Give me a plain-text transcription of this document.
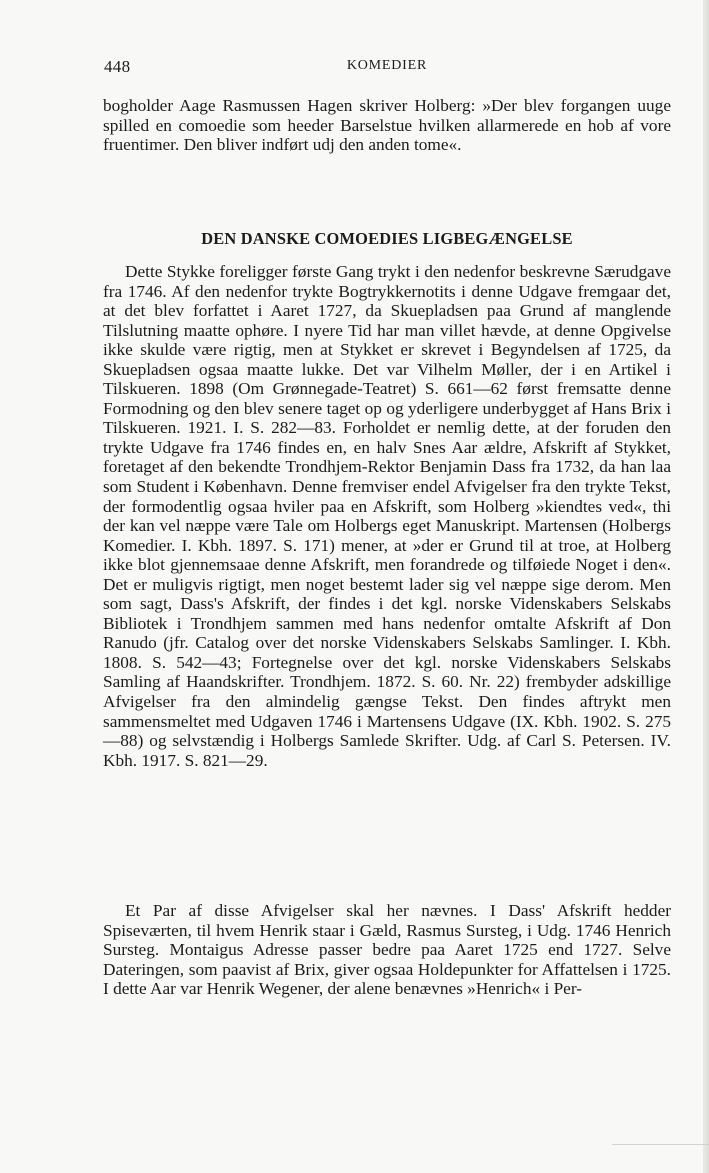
448	KOMEDIER

bogholder Aage Rasmussen Hagen skriver Holberg: »Der blev forgangen uuge spilled en comoedie som heeder Barselstue hvilken allarmerede en hob af vore fruentimer. Den bliver indført udj den anden tome«.

DEN DANSKE COMOEDIES LIGBEGÆNGELSE

Dette Stykke foreligger første Gang trykt i den nedenfor beskrevne Særudgave fra 1746. Af den nedenfor trykte Bogtrykkernotits i denne Udgave fremgaar det, at det blev forfattet i Aaret 1727, da Skuepladsen paa Grund af manglende Tilslutning maatte ophøre. I nyere Tid har man villet hævde, at denne Opgivelse ikke skulde være rigtig, men at Stykket er skrevet i Begyndelsen af 1725, da Skuepladsen ogsaa maatte lukke. Det var Vilhelm Møller, der i en Artikel i Tilskueren. 1898 (Om Grønnegade-Teatret) S. 661—62 først fremsatte denne Formodning og den blev senere taget op og yderligere underbygget af Hans Brix i Tilskueren. 1921. I. S. 282—83. Forholdet er nemlig dette, at der foruden den trykte Udgave fra 1746 findes en, en halv Snes Aar ældre, Afskrift af Stykket, foretaget af den bekendte Trondhjem-Rektor Benjamin Dass fra 1732, da han laa som Student i København. Denne fremviser endel Afvigelser fra den trykte Tekst, der formodentlig ogsaa hviler paa en Afskrift, som Holberg »kiendtes ved«, thi der kan vel næppe være Tale om Holbergs eget Manuskript. Martensen (Holbergs Komedier. I. Kbh. 1897. S. 171) mener, at »der er Grund til at troe, at Holberg ikke blot gjennemsaae denne Afskrift, men forandrede og tilføiede Noget i den«. Det er muligvis rigtigt, men noget bestemt lader sig vel næppe sige derom. Men som sagt, Dass's Afskrift, der findes i det kgl. norske Videnskabers Selskabs Bibliotek i Trondhjem sammen med hans nedenfor omtalte Afskrift af Don Ranudo (jfr. Catalog over det norske Videnskabers Selskabs Samlinger. I. Kbh. 1808. S. 542—43; Fortegnelse over det kgl. norske Videnskabers Selskabs Samling af Haandskrifter. Trondhjem. 1872. S. 60. Nr. 22) frembyder adskillige Afvigelser fra den almindelig gængse Tekst. Den findes aftrykt men sammensmeltet med Udgaven 1746 i Martensens Udgave (IX. Kbh. 1902. S. 275—88) og selvstændig i Holbergs Samlede Skrifter. Udg. af Carl S. Petersen. IV. Kbh. 1917. S. 821—29.

Et Par af disse Afvigelser skal her nævnes. I Dass' Afskrift hedder Spiseværten, til hvem Henrik staar i Gæld, Rasmus Sursteg, i Udg. 1746 Henrich Sursteg. Montaigus Adresse passer bedre paa Aaret 1725 end 1727. Selve Dateringen, som paavist af Brix, giver ogsaa Holdepunkter for Affattelsen i 1725. I dette Aar var Henrik Wegener, der alene benævnes »Henrich« i Per-
